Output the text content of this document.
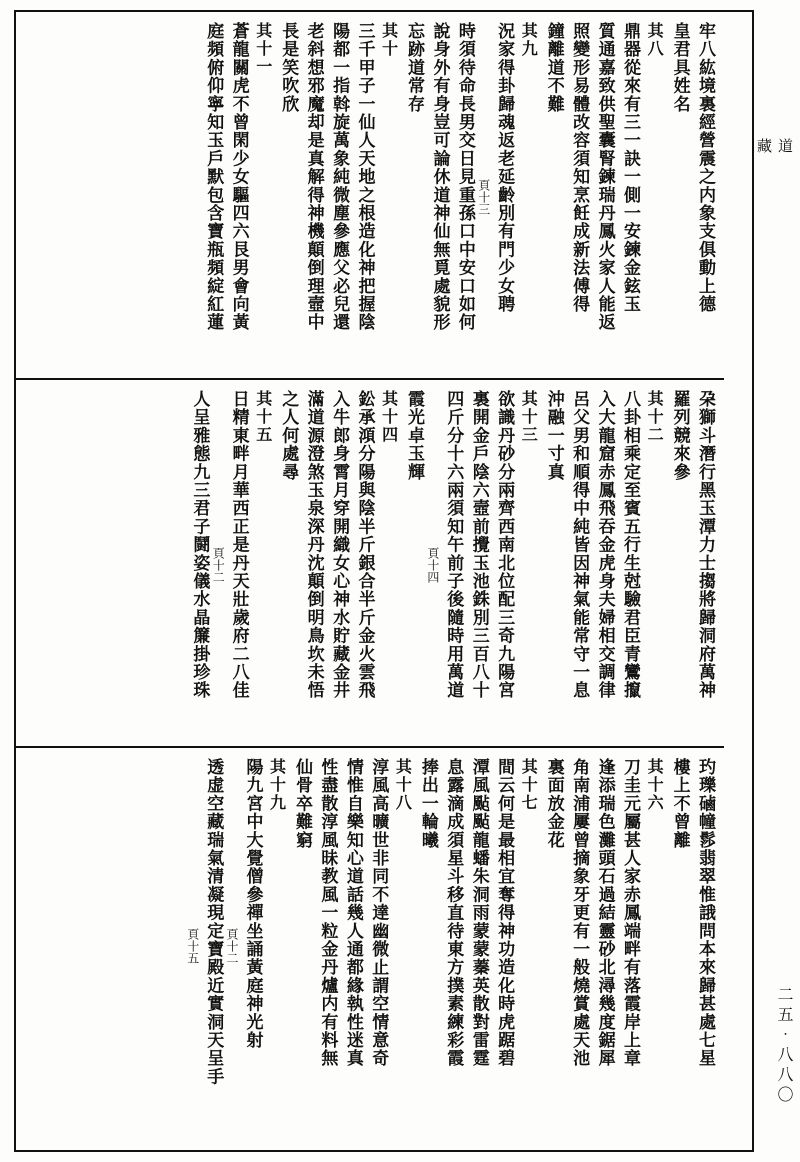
道
藏
二五‧八八〇
牢八紘境裏經營震之内象支俱動上德
皇君具姓名
其八
鼎器從來有三一訣一側一安鍊金鉉玉
質通嘉致供聖囊腎鍊瑞丹鳳火家人能返
照變形易體改容須知烹飪成新法傅得
鐘離道不難
其九
況家得卦歸魂返老延齡別有門少女聘
頁十三
時須待命長男交日見重孫口中安口如何
說身外有身豈可論休道神仙無覓處貌形
忘跡道常存
其十
三千甲子一仙人天地之根造化神把握陰
陽都一指斡旋萬象純微塵參應父必兒還
老斜想邪魔却是真解得神機顛倒理壼中
長是笑吹欣
其十一
蒼龍關虎不曾閑少女驅四六艮男會向黃
庭頻俯仰寧知玉戶默包含寶瓶頻綻紅蓮
朶獅斗潛行黑玉潭力士搊將歸洞府萬神
羅列競來參
其十二
八卦相乘定至賓五行生尅驗君臣青鸞攛
入大龍窟赤鳳飛吞金虎身夫婦相交調律
呂父男和順得中純皆因神氣能常守一息
沖融一寸真
其十三
欲識丹砂分兩齊西南北位配三奇九陽宮
裏開金戶陰六壼前攪玉池銖別三百八十
四斤分十六兩須知午前子後隨時用萬道
頁十四
霞光卓玉輝
其十四
鈆承澒分陽與陰半斤銀合半斤金火雲飛
入牛郎身霄月穿開織女心神水貯藏金井
滿道源澄煞玉泉深丹沈顛倒明鳥坎未悟
之人何處尋
其十五
日精東畔月華西正是丹天壯歲府二八佳
頁十二
人呈雅態九三君子鬪姿儀水晶簾掛珍珠
玓瓅磠幢髿翡翠惟誐問本來歸甚處七星
樓上不曾離
其十六
刀圭元屬甚人家赤鳳端畔有落霞岸上章
逢添瑞色灘頭石過結靈砂北潯幾度鋸犀
角南浦屢曾摘象牙更有一般燒賞處天池
裏面放金花
其十七
間云何是最相宜奪得神功造化時虎踞碧
潭風颭颭龍蟠朱洞雨蒙蒙蓁英散對雷霆
息露滴成須星斗移直待東方撲素練彩霞
捧出一輪曦
其十八
淳風高曠世非同不達幽微止謂空情意奇
情惟自樂知心道話幾人通都緣執性迷真
性盡散淳風昧教風一粒金丹爐内有料無
仙骨卒難窮
其十九
陽九宮中大覺僧參禪坐誦黃庭神光射
頁十二
透虚空藏瑞氣清凝現定寶殿近實洞天呈手
頁十五
